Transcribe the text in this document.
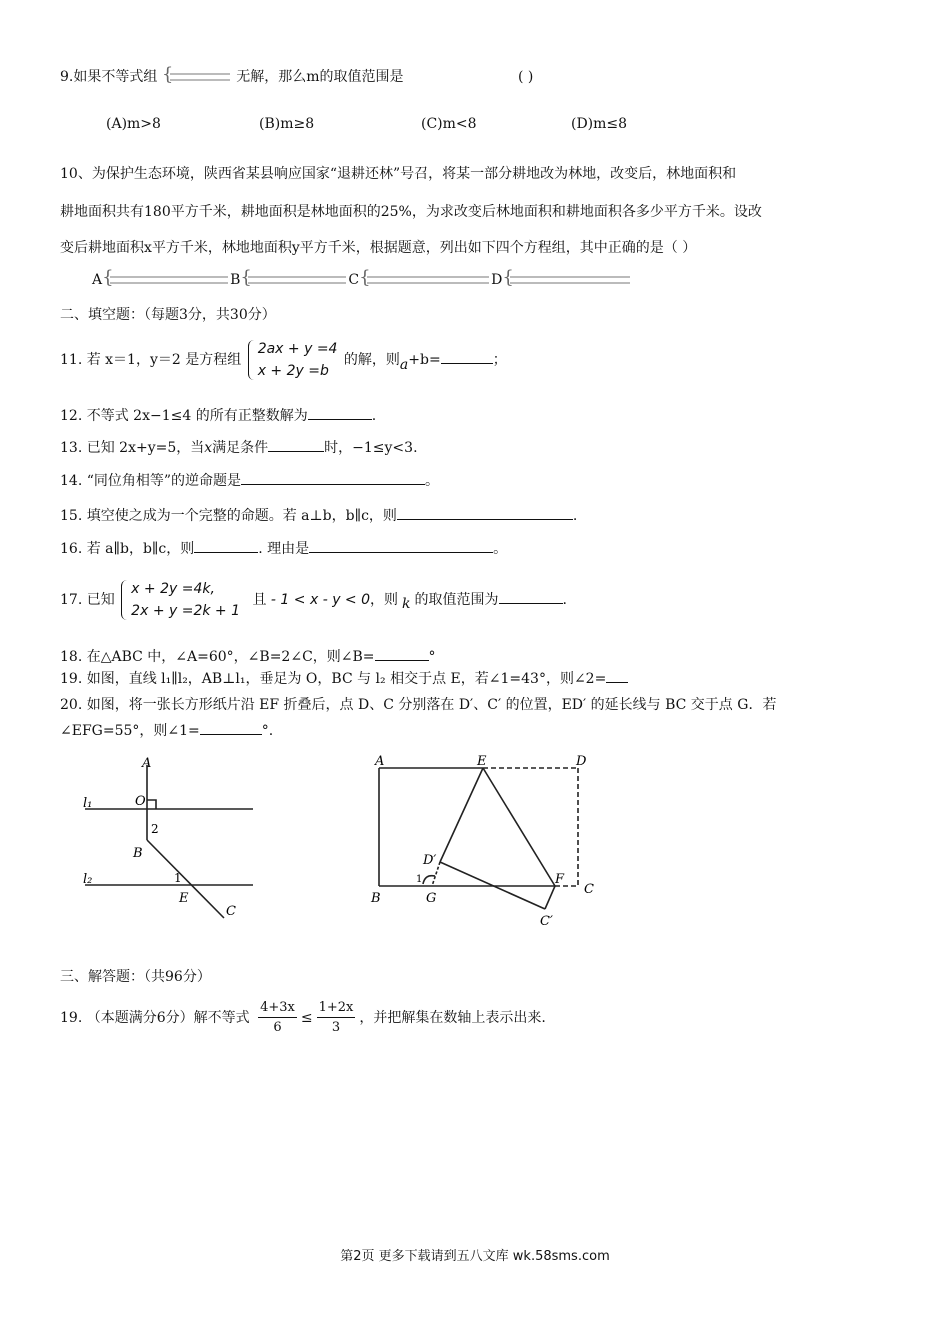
9.如果不等式组 {	无解，那么m的取值范围是	( )
(A)m>8	(B)m≥8	(C)m<8	(D)m≤8
10、为保护生态环境，陕西省某县响应国家“退耕还林”号召，将某一部分耕地改为林地，改变后，林地面积和
耕地面积共有180平方千米，耕地面积是林地面积的25%，为求改变后林地面积和耕地面积各多少平方千米。设改
变后耕地面积x平方千米，林地地面积y平方千米，根据题意，列出如下四个方程组，其中正确的是（ ）
A {	B {	C {	D{
二、填空题：（每题3分，共30分）
11. 若 x＝1，y＝2 是方程组
2ax + y =4
x + 2y =b
的解，则a+b=	；
12. 不等式 2x−1≤4 的所有正整数解为	.
13. 已知 2x+y=5，当x满足条件	时，−1≤y<3.
14. “同位角相等”的逆命题是	。
15. 填空使之成为一个完整的命题。若 a⊥b，b∥c，则	.
16. 若 a∥b，b∥c，则	. 理由是	。
17. 已知
x + 2y =4k,
2x + y =2k + 1
且 - 1 < x - y < 0，则 k 的取值范围为	.
18. 在△ABC 中，∠A=60°，∠B=2∠C，则∠B=	°
19. 如图，直线 l₁∥l₂，AB⊥l₁，垂足为 O，BC 与 l₂ 相交于点 E，若∠1=43°，则∠2=
20. 如图，将一张长方形纸片沿 EF 折叠后，点 D、C 分别落在 D′、C′ 的位置，ED′ 的延长线与 BC 交于点 G．若
∠EFG=55°，则∠1=	°.
A
O
l₁
2
B
l₂	1
E
C
A	E	D
D′
F
C
B	G
C′
1
三、解答题：（共96分）
19. （本题满分6分）解不等式 $\frac{4+3x}{6} \le \frac{1+2x}{3}$ ，并把解集在数轴上表示出来.
第2页 更多下载请到五八文库 wk.58sms.com
